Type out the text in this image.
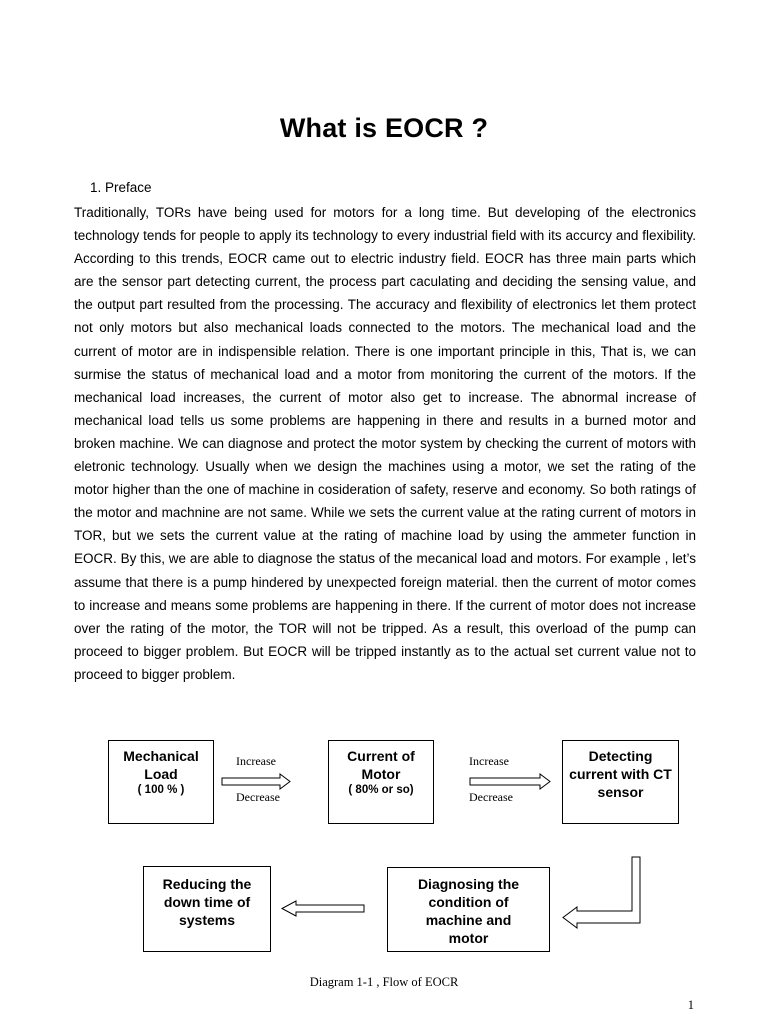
What is EOCR ?
1. Preface
Traditionally, TORs have being used for motors for a long time. But developing of the electronics technology tends for people to apply its technology to every industrial field with its accurcy and flexibility. According to this trends, EOCR came out to electric industry field. EOCR has three main parts which are the sensor part detecting current, the process part caculating and deciding the sensing value, and the output part resulted from the processing. The accuracy and flexibility of electronics let them protect not only motors but also mechanical loads connected to the motors. The mechanical load and the current of motor are in indispensible relation. There is one important principle in this, That is, we can surmise the status of mechanical load and a motor from monitoring the current of the motors. If the mechanical load increases, the current of motor also get to increase. The abnormal increase of mechanical load tells us some problems are happening in there and results in a burned motor and broken machine. We can diagnose and protect the motor system by checking the current of motors with eletronic technology. Usually when we design the machines using a motor, we set the rating of the motor higher than the one of machine in cosideration of safety, reserve and economy. So both ratings of the motor and machnine are not same. While we sets the current value at the rating current of motors in TOR, but we sets the current value at the rating of machine load by using the ammeter function in EOCR. By this, we are able to diagnose the status of the mecanical load and motors. For example , let’s assume that there is a pump hindered by unexpected foreign material. then the current of motor comes to increase and means some problems are happening in there. If the current of motor does not increase over the rating of the motor, the TOR will not be tripped. As a result, this overload of the pump can proceed to bigger problem. But EOCR will be tripped instantly as to the actual set current value not to proceed to bigger problem.
Mechanical Load
( 100 % )
Current of Motor
( 80% or so)
Detecting current with CT sensor
Reducing the down time of systems
Diagnosing the condition of machine and motor
Increase
Decrease
Increase
Decrease
Diagram 1-1 , Flow of EOCR
1
